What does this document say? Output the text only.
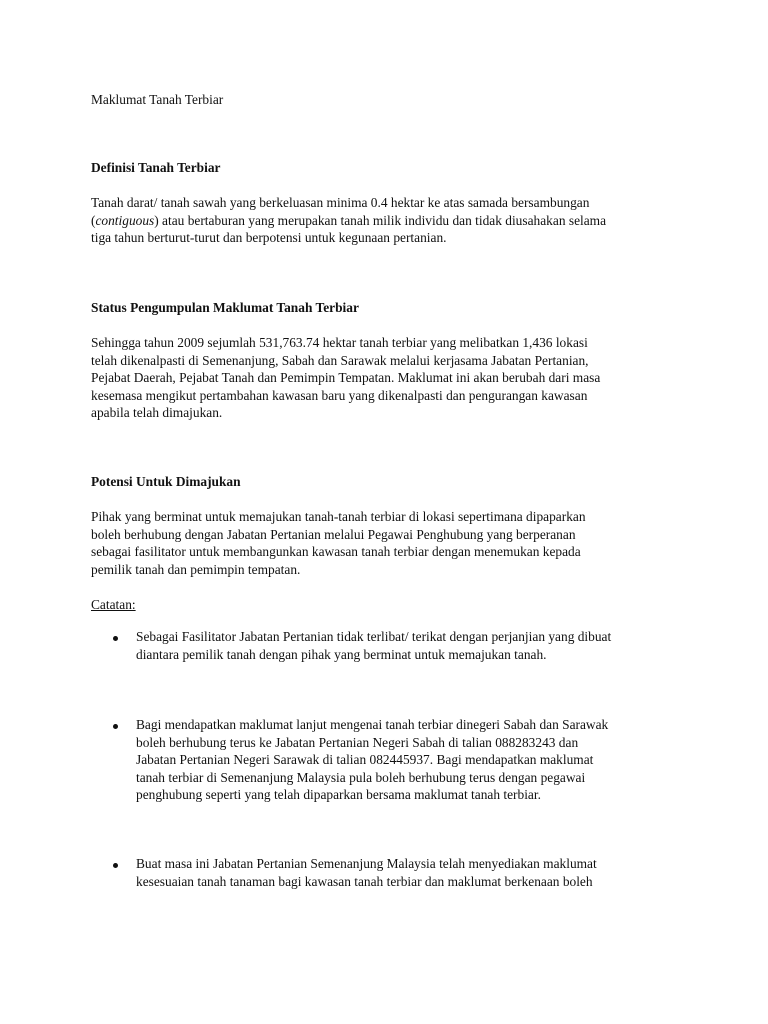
Maklumat Tanah Terbiar

Definisi Tanah Terbiar

Tanah darat/ tanah sawah yang berkeluasan minima 0.4 hektar ke atas samada bersambungan
(contiguous) atau bertaburan yang merupakan tanah milik individu dan tidak diusahakan selama
tiga tahun berturut-turut dan berpotensi untuk kegunaan pertanian.

Status Pengumpulan Maklumat Tanah Terbiar

Sehingga tahun 2009 sejumlah 531,763.74 hektar tanah terbiar yang melibatkan 1,436 lokasi
telah dikenalpasti di Semenanjung, Sabah dan Sarawak melalui kerjasama Jabatan Pertanian,
Pejabat Daerah, Pejabat Tanah dan Pemimpin Tempatan. Maklumat ini akan berubah dari masa
kesemasa mengikut pertambahan kawasan baru yang dikenalpasti dan pengurangan kawasan
apabila telah dimajukan.

Potensi Untuk Dimajukan

Pihak yang berminat untuk memajukan tanah-tanah terbiar di lokasi sepertimana dipaparkan
boleh berhubung dengan Jabatan Pertanian melalui Pegawai Penghubung yang berperanan
sebagai fasilitator untuk membangunkan kawasan tanah terbiar dengan menemukan kepada
pemilik tanah dan pemimpin tempatan.

Catatan:

Sebagai Fasilitator Jabatan Pertanian tidak terlibat/ terikat dengan perjanjian yang dibuat
diantara pemilik tanah dengan pihak yang berminat untuk memajukan tanah.
Bagi mendapatkan maklumat lanjut mengenai tanah terbiar dinegeri Sabah dan Sarawak
boleh berhubung terus ke Jabatan Pertanian Negeri Sabah di talian 088283243 dan
Jabatan Pertanian Negeri Sarawak di talian 082445937. Bagi mendapatkan maklumat
tanah terbiar di Semenanjung Malaysia pula boleh berhubung terus dengan pegawai
penghubung seperti yang telah dipaparkan bersama maklumat tanah terbiar.
Buat masa ini Jabatan Pertanian Semenanjung Malaysia telah menyediakan maklumat
kesesuaian tanah tanaman bagi kawasan tanah terbiar dan maklumat berkenaan boleh
